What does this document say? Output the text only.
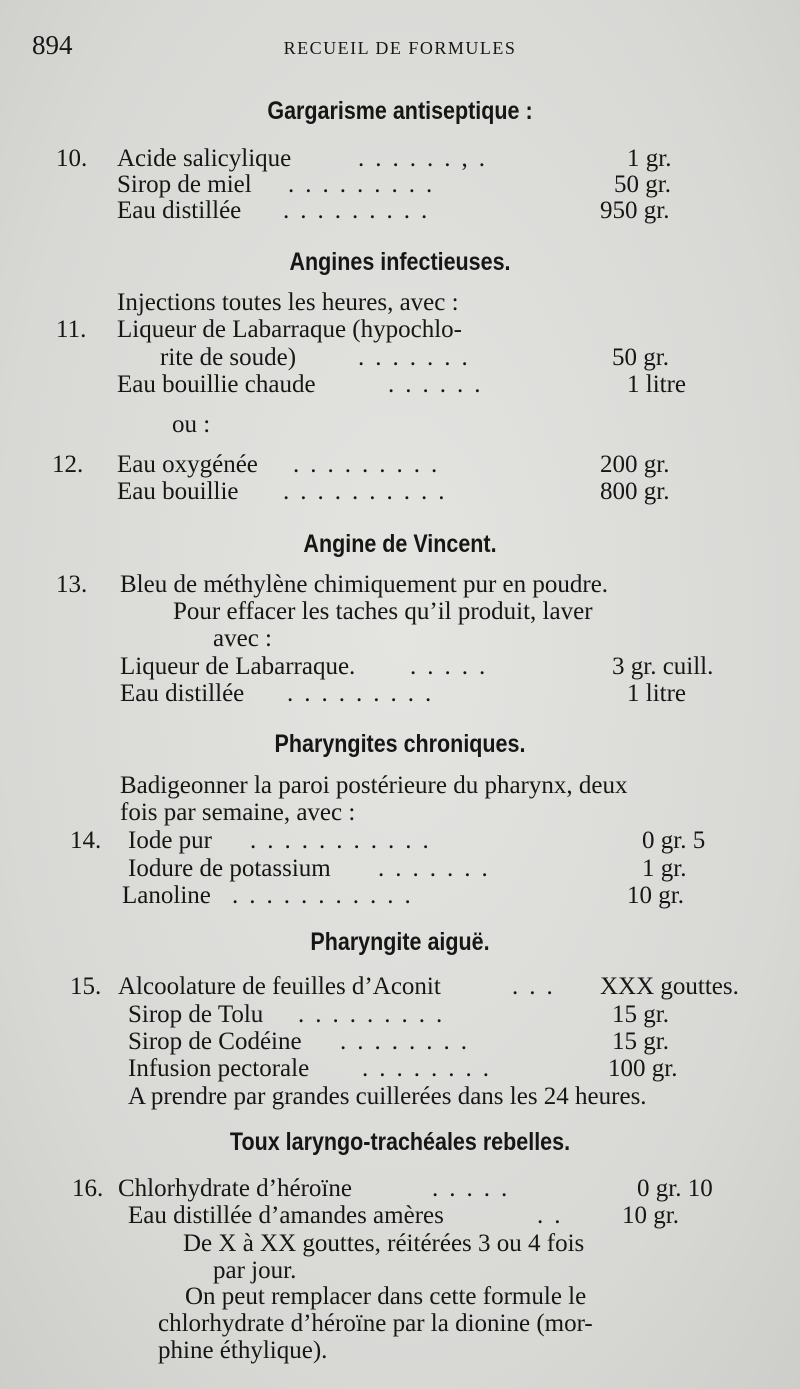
894	RECUEIL DE FORMULES
Gargarisme antiseptique :
Angines infectieuses.
Angine de Vincent.
Pharyngites chroniques.
Pharyngite aiguë.
Toux laryngo-trachéales rebelles.
10. Acide salicylique	......,.	1 gr.
Sirop de miel .........	50 gr.
Eau distillée .........	950 gr.
Injections toutes les heures, avec :
11. Liqueur de Labarraque (hypochlo-
rite de soude) .......	50 gr.
Eau bouillie chaude	......	1 litre
ou :
12. Eau oxygénée .........	200 gr.
Eau bouillie ..........	800 gr.
13. Bleu de méthylène chimiquement pur en poudre.
Pour effacer les taches qu’il produit, laver
avec :
Liqueur de Labarraque. .....	3 gr. cuill.
Eau distillée .........	1 litre
Badigeonner la paroi postérieure du pharynx, deux
fois par semaine, avec :
14. Iode pur ...........	0 gr. 5
Iodure de potassium .......	1 gr.
Lanoline ...........	10 gr.
15. Alcoolature de feuilles d’Aconit	... XXX gouttes.
Sirop de Tolu .........	15 gr.
Sirop de Codéine ........	15 gr.
Infusion pectorale ........	100 gr.
A prendre par grandes cuillerées dans les 24 heures.
16. Chlorhydrate d’héroïne	.....	0 gr. 10
Eau distillée d’amandes amères	.. 10 gr.
De X à XX gouttes, réitérées 3 ou 4 fois
par jour.
On peut remplacer dans cette formule le
chlorhydrate d’héroïne par la dionine (mor-
phine éthylique).
